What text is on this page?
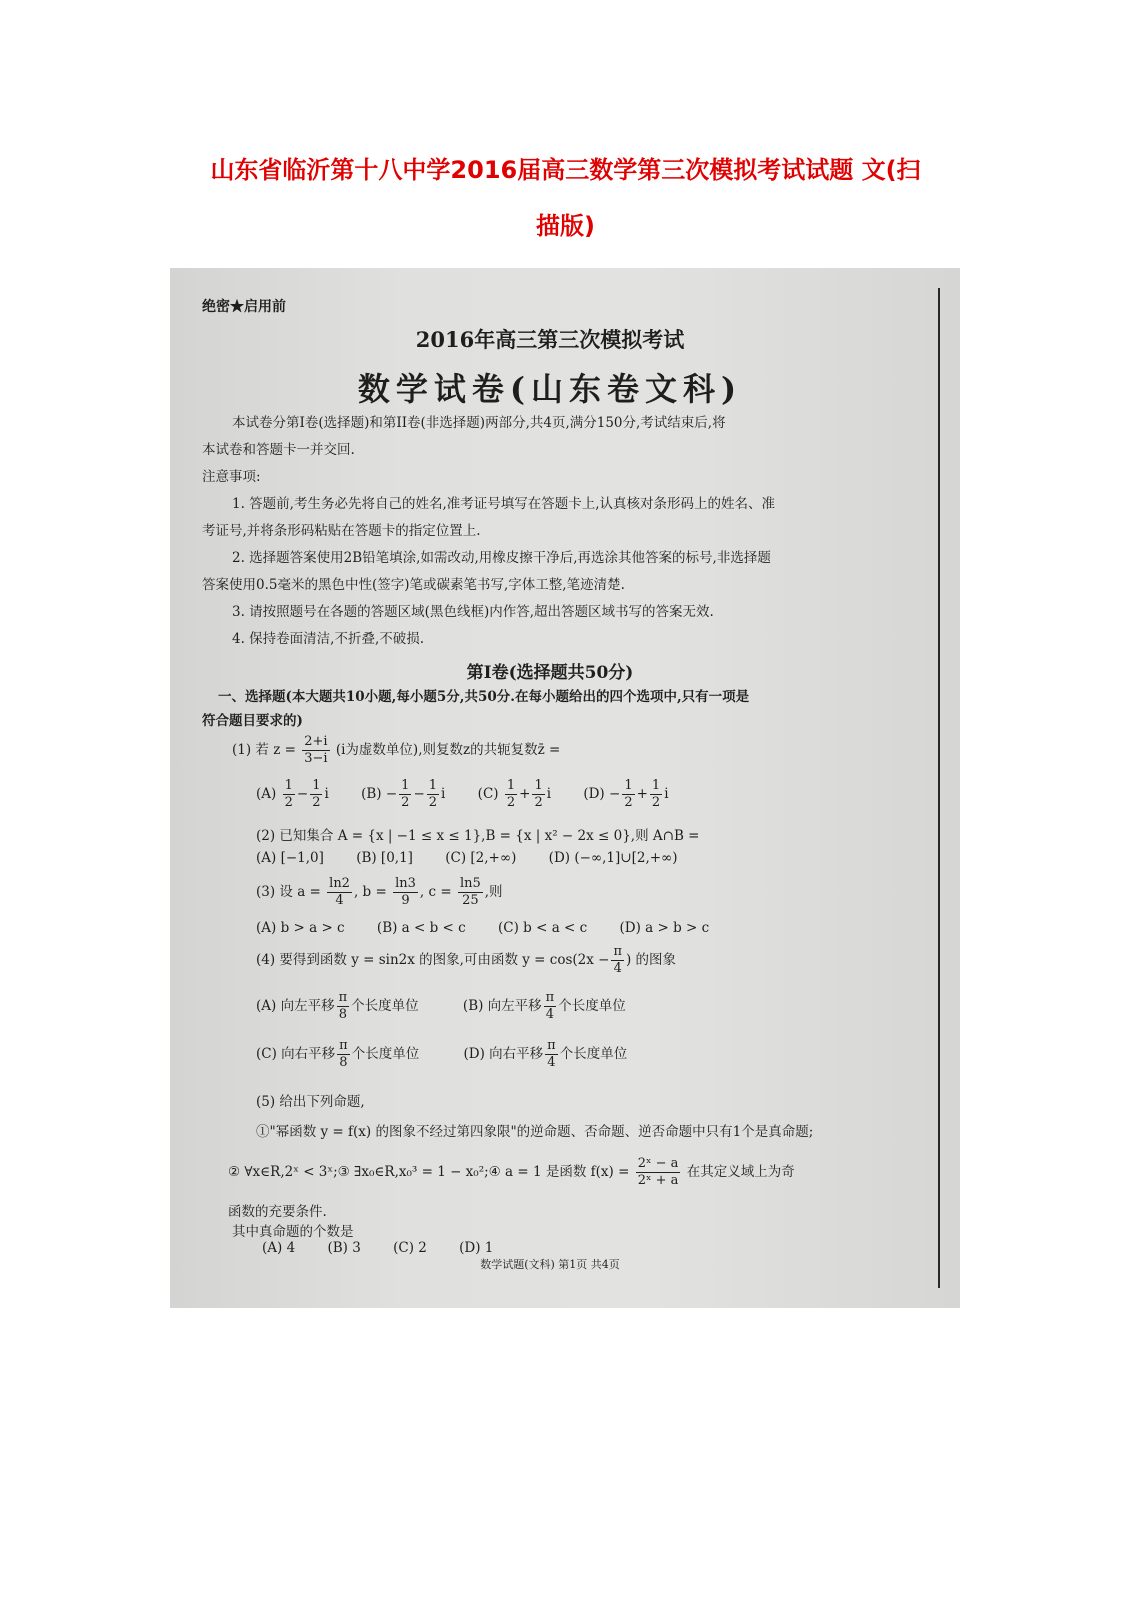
山东省临沂第十八中学2016届高三数学第三次模拟考试试题 文(扫
描版)
绝密★启用前
2016年高三第三次模拟考试
数学试卷(山东卷文科)
本试卷分第I卷(选择题)和第II卷(非选择题)两部分,共4页,满分150分,考试结束后,将
本试卷和答题卡一并交回.
注意事项:
1. 答题前,考生务必先将自己的姓名,准考证号填写在答题卡上,认真核对条形码上的姓名、准
考证号,并将条形码粘贴在答题卡的指定位置上.
2. 选择题答案使用2B铅笔填涂,如需改动,用橡皮擦干净后,再选涂其他答案的标号,非选择题
答案使用0.5毫米的黑色中性(签字)笔或碳素笔书写,字体工整,笔迹清楚.
3. 请按照题号在各题的答题区域(黑色线框)内作答,超出答题区域书写的答案无效.
4. 保持卷面清洁,不折叠,不破损.
第I卷(选择题共50分)
一、选择题(本大题共10小题,每小题5分,共50分.在每小题给出的四个选项中,只有一项是
符合题目要求的)
(1) 若 $z = \frac{2+i}{3-i} (i$为虚数单位),则复数z的共轭复数z̄ =
$(A) \frac{1}{2} - \frac{1}{2}$ i $(B) - \frac{1}{2} - \frac{1}{2}$ i $(C) \frac{1}{2} + \frac{1}{2}$ i $(D) - \frac{1}{2} + \frac{1}{2}$ i
(2) 已知集合 A = {x | −1 ≤ x ≤ 1},B = {x | x² − 2x ≤ 0},则 A∩B =
(A) [−1,0] (B) [0,1] (C) [2,+∞) (D) (−∞,1]∪[2,+∞)
(3) 设 $a = \frac{\ln 2}{4}$ , $b = \frac{\ln 3}{9}$ , $c = \frac{\ln 5}{25}$ ,则
(A) b > a > c (B) a < b < c (C) b < a < c (D) a > b > c
(4) 要得到函数 y = sin2x 的图象,可由函数 $y = \cos(2x - \frac{\pi}{4}$ ) 的图象
(A) 向左平移 $\frac{\pi}{8}$ 个长度单位	(B) 向左平移 $\frac{\pi}{4}$ 个长度单位
(C) 向右平移 $\frac{\pi}{8}$ 个长度单位	(D) 向右平移 $\frac{\pi}{4}$ 个长度单位
(5) 给出下列命题,
①"幂函数 y = f(x) 的图象不经过第四象限"的逆命题、否命题、逆否命题中只有1个是真命题;
② ∀x∈R,2ˣ < 3ˣ;③ ∃x₀∈R,x₀³ = 1 − x₀²;④ a = 1 是函数 $f(x) = \frac{\text{2ˣ − a}}{\text{2ˣ + a}}$ 在其定义域上为奇
函数的充要条件.
其中真命题的个数是
(A) 4 (B) 3 (C) 2 (D) 1
数学试题(文科) 第1页 共4页
